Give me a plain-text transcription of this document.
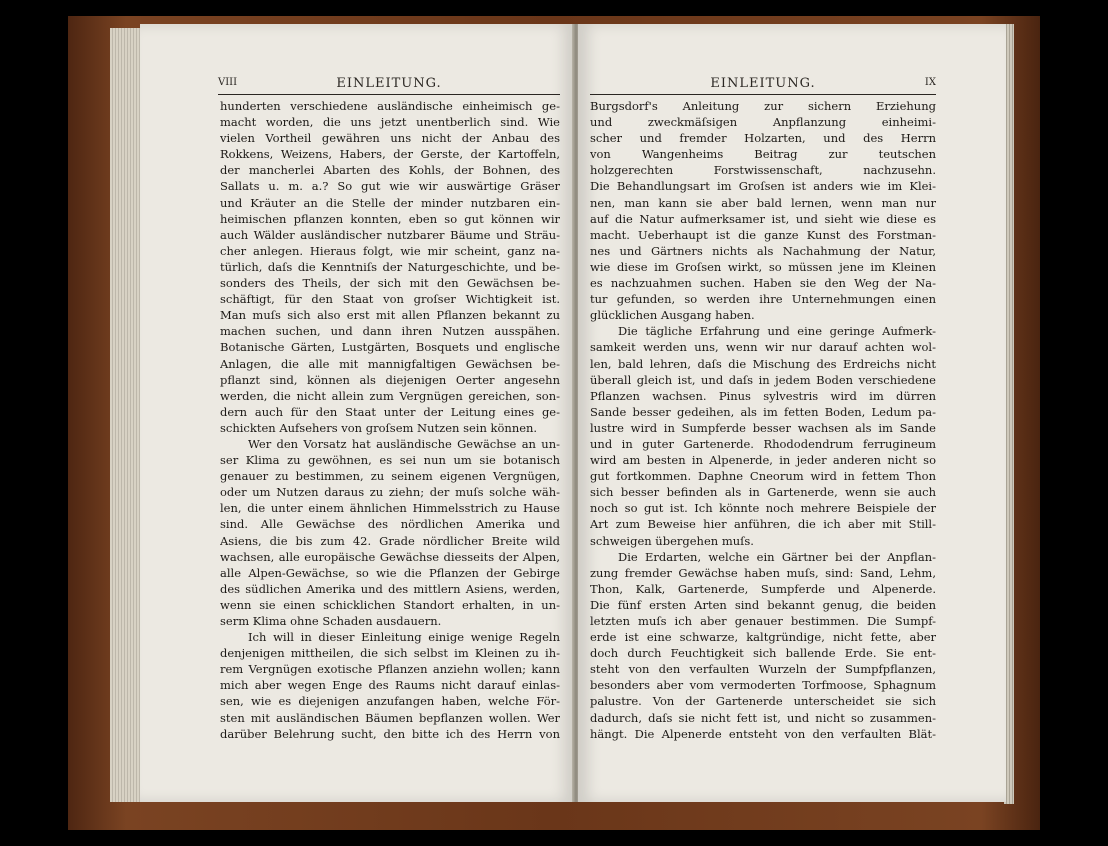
VIII	EINLEITUNG.
hunderten verschiedene ausländische einheimisch ge-
macht worden, die uns jetzt unentberlich sind. Wie
vielen Vortheil gewähren uns nicht der Anbau des
Rokkens, Weizens, Habers, der Gerste, der Kartoffeln,
der mancherlei Abarten des Kohls, der Bohnen, des
Sallats u. m. a.? So gut wie wir auswärtige Gräser
und Kräuter an die Stelle der minder nutzbaren ein-
heimischen pflanzen konnten, eben so gut können wir
auch Wälder ausländischer nutzbarer Bäume und Sträu-
cher anlegen. Hieraus folgt, wie mir scheint, ganz na-
türlich, daſs die Kenntniſs der Naturgeschichte, und be-
sonders des Theils, der sich mit den Gewächsen be-
schäftigt, für den Staat von groſser Wichtigkeit ist.
Man muſs sich also erst mit allen Pflanzen bekannt zu
machen suchen, und dann ihren Nutzen ausspähen.
Botanische Gärten, Lustgärten, Bosquets und englische
Anlagen, die alle mit mannigfaltigen Gewächsen be-
pflanzt sind, können als diejenigen Oerter angesehn
werden, die nicht allein zum Vergnügen gereichen, son-
dern auch für den Staat unter der Leitung eines ge-
schickten Aufsehers von groſsem Nutzen sein können.
Wer den Vorsatz hat ausländische Gewächse an un-
ser Klima zu gewöhnen, es sei nun um sie botanisch
genauer zu bestimmen, zu seinem eigenen Vergnügen,
oder um Nutzen daraus zu ziehn; der muſs solche wäh-
len, die unter einem ähnlichen Himmelsstrich zu Hause
sind. Alle Gewächse des nördlichen Amerika und
Asiens, die bis zum 42. Grade nördlicher Breite wild
wachsen, alle europäische Gewächse diesseits der Alpen,
alle Alpen-Gewächse, so wie die Pflanzen der Gebirge
des südlichen Amerika und des mittlern Asiens, werden,
wenn sie einen schicklichen Standort erhalten, in un-
serm Klima ohne Schaden ausdauern.
Ich will in dieser Einleitung einige wenige Regeln
denjenigen mittheilen, die sich selbst im Kleinen zu ih-
rem Vergnügen exotische Pflanzen anziehn wollen; kann
mich aber wegen Enge des Raums nicht darauf einlas-
sen, wie es diejenigen anzufangen haben, welche För-
sten mit ausländischen Bäumen bepflanzen wollen. Wer
darüber Belehrung sucht, den bitte ich des Herrn von
EINLEITUNG.	IX
Burgsdorf's Anleitung zur sichern Erziehung
und zweckmäſsigen Anpflanzung einheimi-
scher und fremder Holzarten, und des Herrn
von Wangenheims Beitrag zur teutschen
holzgerechten Forstwissenschaft, nachzusehn.
Die Behandlungsart im Groſsen ist anders wie im Klei-
nen, man kann sie aber bald lernen, wenn man nur
auf die Natur aufmerksamer ist, und sieht wie diese es
macht. Ueberhaupt ist die ganze Kunst des Forstman-
nes und Gärtners nichts als Nachahmung der Natur,
wie diese im Groſsen wirkt, so müssen jene im Kleinen
es nachzuahmen suchen. Haben sie den Weg der Na-
tur gefunden, so werden ihre Unternehmungen einen
glücklichen Ausgang haben.
Die tägliche Erfahrung und eine geringe Aufmerk-
samkeit werden uns, wenn wir nur darauf achten wol-
len, bald lehren, daſs die Mischung des Erdreichs nicht
überall gleich ist, und daſs in jedem Boden verschiedene
Pflanzen wachsen. Pinus sylvestris wird im dürren
Sande besser gedeihen, als im fetten Boden, Ledum pa-
lustre wird in Sumpferde besser wachsen als im Sande
und in guter Gartenerde. Rhododendrum ferrugineum
wird am besten in Alpenerde, in jeder anderen nicht so
gut fortkommen. Daphne Cneorum wird in fettem Thon
sich besser befinden als in Gartenerde, wenn sie auch
noch so gut ist. Ich könnte noch mehrere Beispiele der
Art zum Beweise hier anführen, die ich aber mit Still-
schweigen übergehen muſs.
Die Erdarten, welche ein Gärtner bei der Anpflan-
zung fremder Gewächse haben muſs, sind: Sand, Lehm,
Thon, Kalk, Gartenerde, Sumpferde und Alpenerde.
Die fünf ersten Arten sind bekannt genug, die beiden
letzten muſs ich aber genauer bestimmen. Die Sumpf-
erde ist eine schwarze, kaltgründige, nicht fette, aber
doch durch Feuchtigkeit sich ballende Erde. Sie ent-
steht von den verfaulten Wurzeln der Sumpfpflanzen,
besonders aber vom vermoderten Torfmoose, Sphagnum
palustre. Von der Gartenerde unterscheidet sie sich
dadurch, daſs sie nicht fett ist, und nicht so zusammen-
hängt. Die Alpenerde entsteht von den verfaulten Blät-
